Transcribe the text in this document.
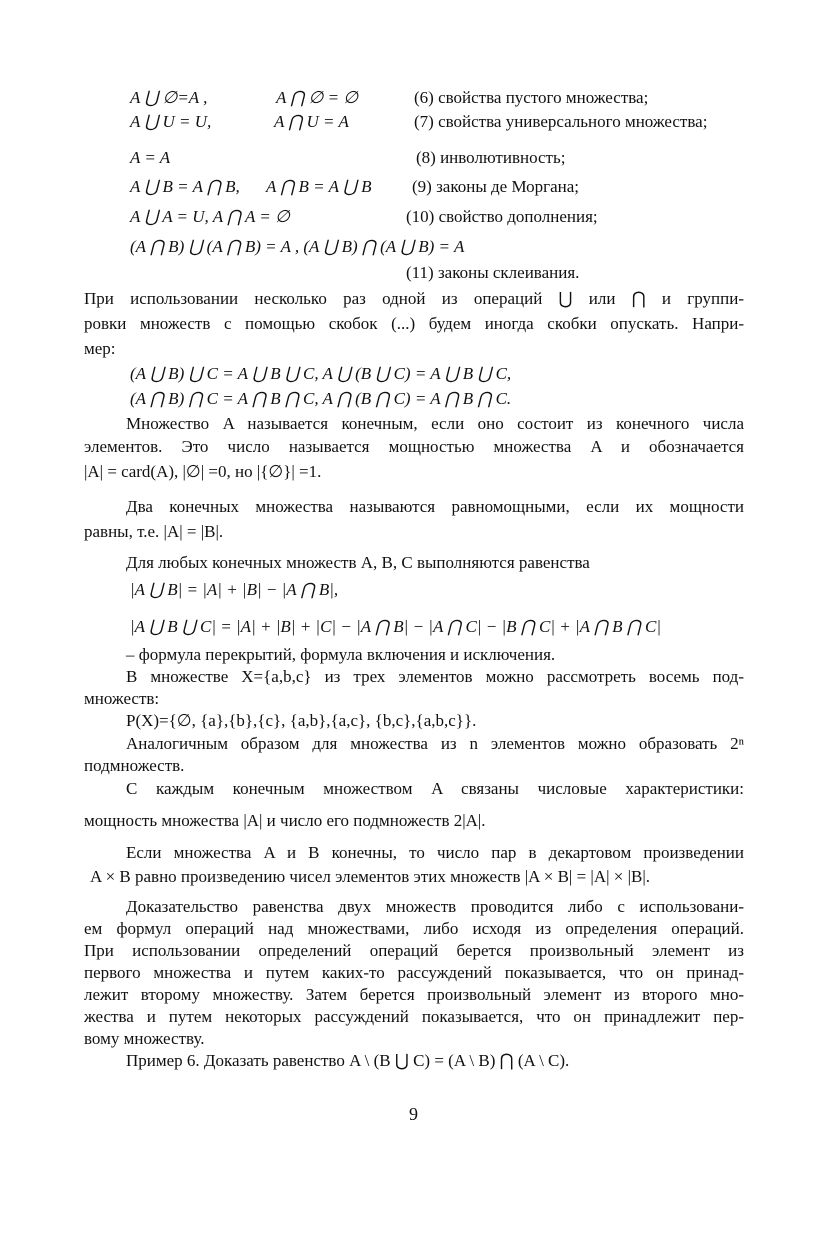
A ⋃ ∅=A ,	A ⋂ ∅ = ∅	(6) свойства пустого множества;
A ⋃ U = U,	A ⋂ U = A	(7) свойства универсального множества;
A = A	(8) инволютивность;
A ⋃ B = A ⋂ B, A ⋂ B = A ⋃ B (9) законы де Моргана;
A ⋃ A = U, A ⋂ A = ∅	(10) свойство дополнения;
(A ⋂ B) ⋃ (A ⋂ B) = A , (A ⋃ B) ⋂ (A ⋃ B) = A
(11) законы склеивания.
При использовании несколько раз одной из операций ⋃ или ⋂ и группи-
ровки множеств с помощью скобок (...) будем иногда скобки опускать. Напри-
мер:
(A ⋃ B) ⋃ C = A ⋃ B ⋃ C, A ⋃ (B ⋃ C) = A ⋃ B ⋃ C,
(A ⋂ B) ⋂ C = A ⋂ B ⋂ C, A ⋂ (B ⋂ C) = A ⋂ B ⋂ C.
Множество A называется конечным, если оно состоит из конечного числа
элементов. Это число называется мощностью множества A и обозначается
|A| = card(A), |∅| =0, но |{∅}| =1.
Два конечных множества называются равномощными, если их мощности
равны, т.е. |A| = |B|.
Для любых конечных множеств A, B, C выполняются равенства
|A ⋃ B| = |A| + |B| − |A ⋂ B|,
|A ⋃ B ⋃ C| = |A| + |B| + |C| − |A ⋂ B| − |A ⋂ C| − |B ⋂ C| + |A ⋂ B ⋂ C|
– формула перекрытий, формула включения и исключения.
В множестве X={a,b,c} из трех элементов можно рассмотреть восемь под-
множеств:
P(X)={∅, {a},{b},{c}, {a,b},{a,c}, {b,c},{a,b,c}}.
Аналогичным образом для множества из n элементов можно образовать 2ⁿ
подмножеств.
С каждым конечным множеством A связаны числовые характеристики:
мощность множества |A| и число его подмножеств 2|A|.
Если множества A и B конечны, то число пар в декартовом произведении
A × B равно произведению чисел элементов этих множеств |A × B| = |A| × |B|.
Доказательство равенства двух множеств проводится либо с использовани-
ем формул операций над множествами, либо исходя из определения операций.
При использовании определений операций берется произвольный элемент из
первого множества и путем каких-то рассуждений показывается, что он принад-
лежит второму множеству. Затем берется произвольный элемент из второго мно-
жества и путем некоторых рассуждений показывается, что он принадлежит пер-
вому множеству.
Пример 6. Доказать равенство A \ (B ⋃ C) = (A \ B) ⋂ (A \ C).
9
